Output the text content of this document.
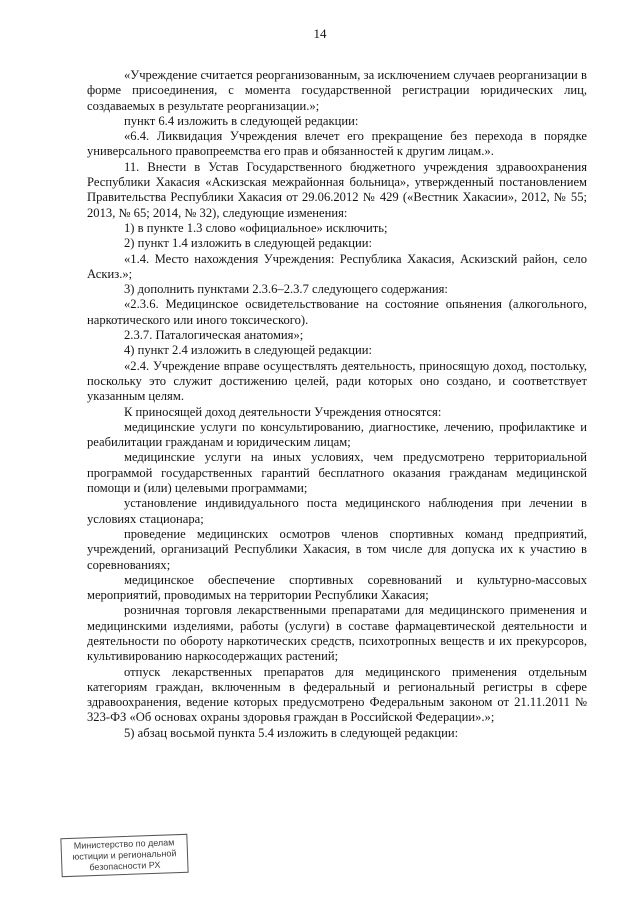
14

«Учреждение считается реорганизованным, за исключением случаев реорганизации в форме присоединения, с момента государственной регистрации юридических лиц, создаваемых в результате реорганизации.»;

пункт 6.4 изложить в следующей редакции:

«6.4. Ликвидация Учреждения влечет его прекращение без перехода в порядке универсального правопреемства его прав и обязанностей к другим лицам.».

11. Внести в Устав Государственного бюджетного учреждения здравоохранения Республики Хакасия «Аскизская межрайонная больница», утвержденный постановлением Правительства Республики Хакасия от 29.06.2012 № 429 («Вестник Хакасии», 2012, № 55; 2013, № 65; 2014, № 32), следующие изменения:

1) в пункте 1.3 слово «официальное» исключить;

2) пункт 1.4 изложить в следующей редакции:

«1.4. Место нахождения Учреждения: Республика Хакасия, Аскизский район, село Аскиз.»;

3) дополнить пунктами 2.3.6–2.3.7 следующего содержания:

«2.3.6. Медицинское освидетельствование на состояние опьянения (алкогольного, наркотического или иного токсического).

2.3.7. Паталогическая анатомия»;

4) пункт 2.4 изложить в следующей редакции:

«2.4. Учреждение вправе осуществлять деятельность, приносящую доход, постольку, поскольку это служит достижению целей, ради которых оно создано, и соответствует указанным целям.

К приносящей доход деятельности Учреждения относятся:

медицинские услуги по консультированию, диагностике, лечению, профилактике и реабилитации гражданам и юридическим лицам;

медицинские услуги на иных условиях, чем предусмотрено территориальной программой государственных гарантий бесплатного оказания гражданам медицинской помощи и (или) целевыми программами;

установление индивидуального поста медицинского наблюдения при лечении в условиях стационара;

проведение медицинских осмотров членов спортивных команд предприятий, учреждений, организаций Республики Хакасия, в том числе для допуска их к участию в соревнованиях;

медицинское обеспечение спортивных соревнований и культурно-массовых мероприятий, проводимых на территории Республики Хакасия;

розничная торговля лекарственными препаратами для медицинского применения и медицинскими изделиями, работы (услуги) в составе фармацевтической деятельности и деятельности по обороту наркотических средств, психотропных веществ и их прекурсоров, культивированию наркосодержащих растений;

отпуск лекарственных препаратов для медицинского применения отдельным категориям граждан, включенным в федеральный и региональный регистры в сфере здравоохранения, ведение которых предусмотрено Федеральным законом от 21.11.2011 № 323-ФЗ «Об основах охраны здоровья граждан в Российской Федерации».»;

5) абзац восьмой пункта 5.4 изложить в следующей редакции:

Министерство по делам
юстиции и региональной
безопасности РХ
